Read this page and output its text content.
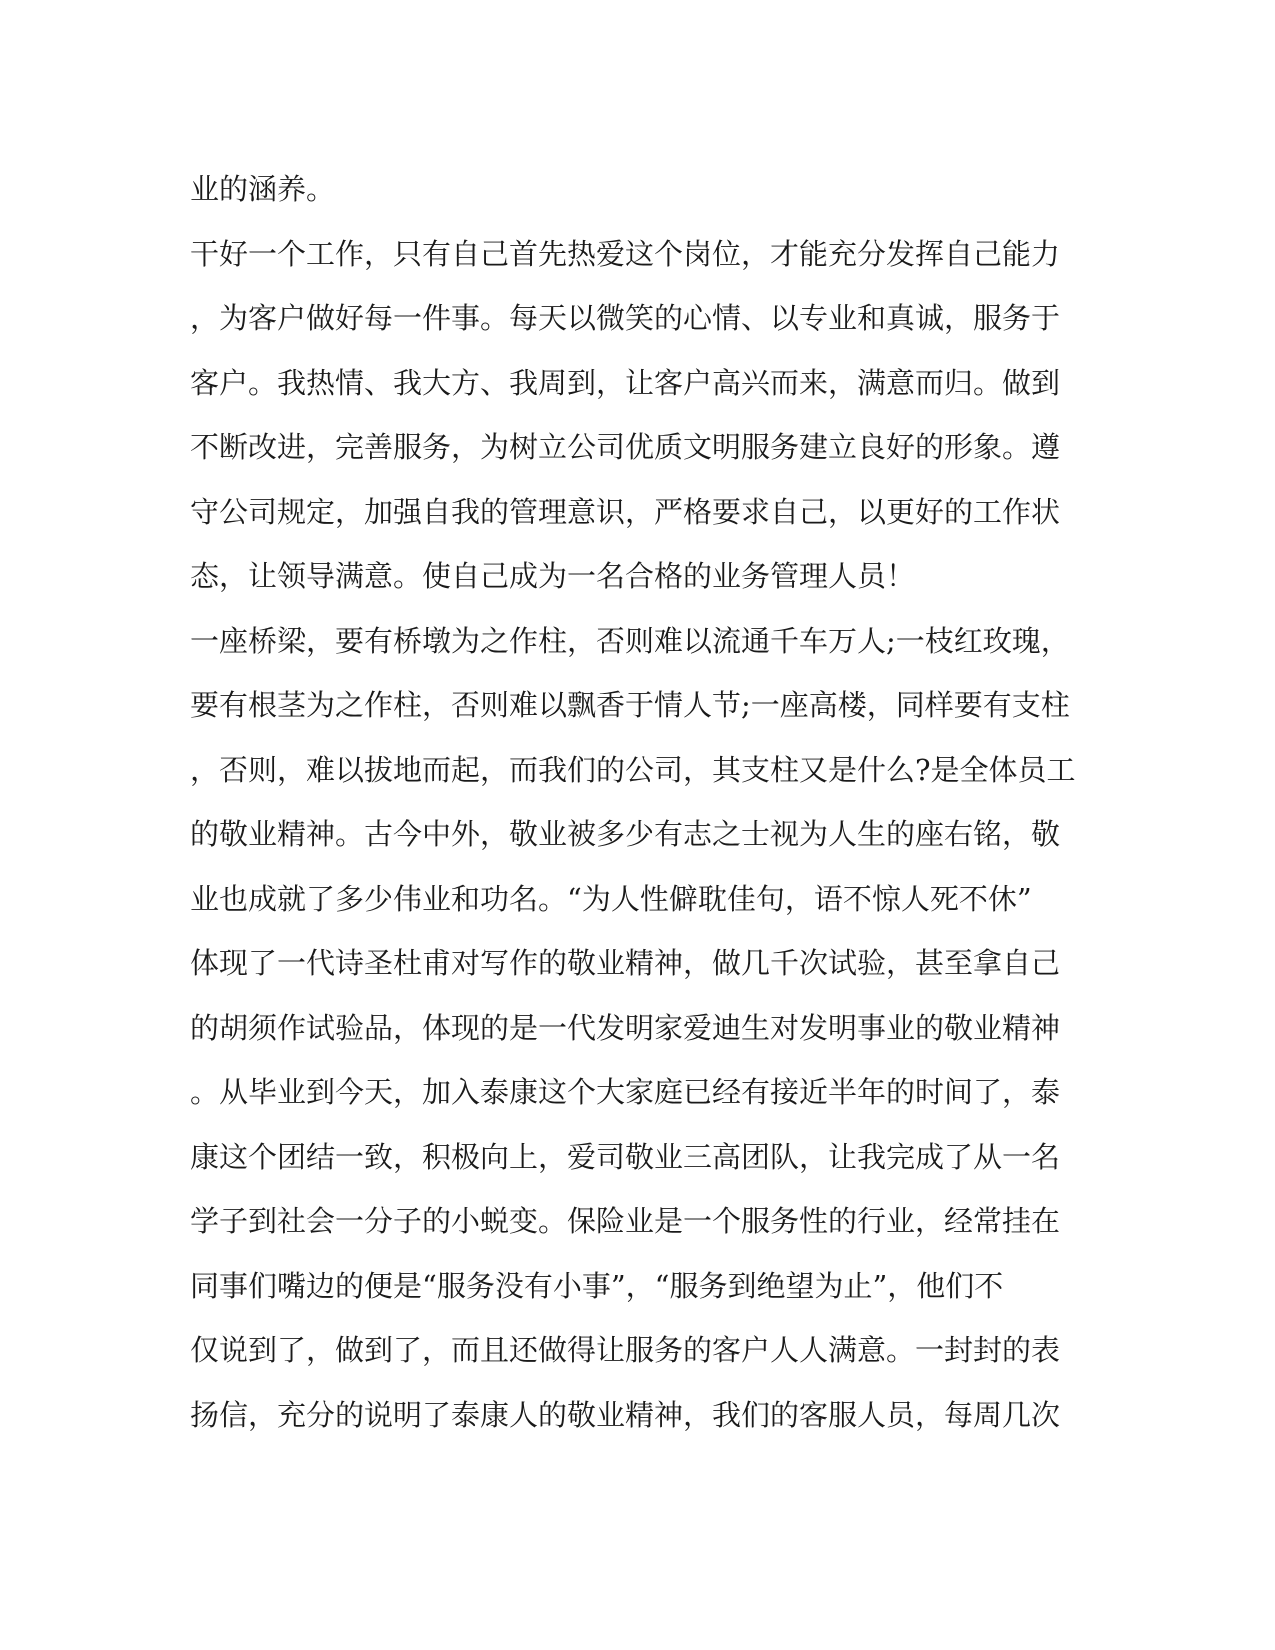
业的涵养。
干好一个工作，只有自己首先热爱这个岗位，才能充分发挥自己能力
，为客户做好每一件事。每天以微笑的心情、以专业和真诚，服务于
客户。我热情、我大方、我周到，让客户高兴而来，满意而归。做到
不断改进，完善服务，为树立公司优质文明服务建立良好的形象。遵
守公司规定，加强自我的管理意识，严格要求自己，以更好的工作状
态，让领导满意。使自己成为一名合格的业务管理人员！
一座桥梁，要有桥墩为之作柱，否则难以流通千车万人;一枝红玫瑰，
要有根茎为之作柱，否则难以飘香于情人节;一座高楼，同样要有支柱
，否则，难以拔地而起，而我们的公司，其支柱又是什么?是全体员工
的敬业精神。古今中外，敬业被多少有志之士视为人生的座右铭，敬
业也成就了多少伟业和功名。“为人性僻耽佳句，语不惊人死不休”
体现了一代诗圣杜甫对写作的敬业精神，做几千次试验，甚至拿自己
的胡须作试验品，体现的是一代发明家爱迪生对发明事业的敬业精神
。从毕业到今天，加入泰康这个大家庭已经有接近半年的时间了，泰
康这个团结一致，积极向上，爱司敬业三高团队，让我完成了从一名
学子到社会一分子的小蜕变。保险业是一个服务性的行业，经常挂在
同事们嘴边的便是“服务没有小事”，“服务到绝望为止”，他们不
仅说到了，做到了，而且还做得让服务的客户人人满意。一封封的表
扬信，充分的说明了泰康人的敬业精神，我们的客服人员，每周几次
